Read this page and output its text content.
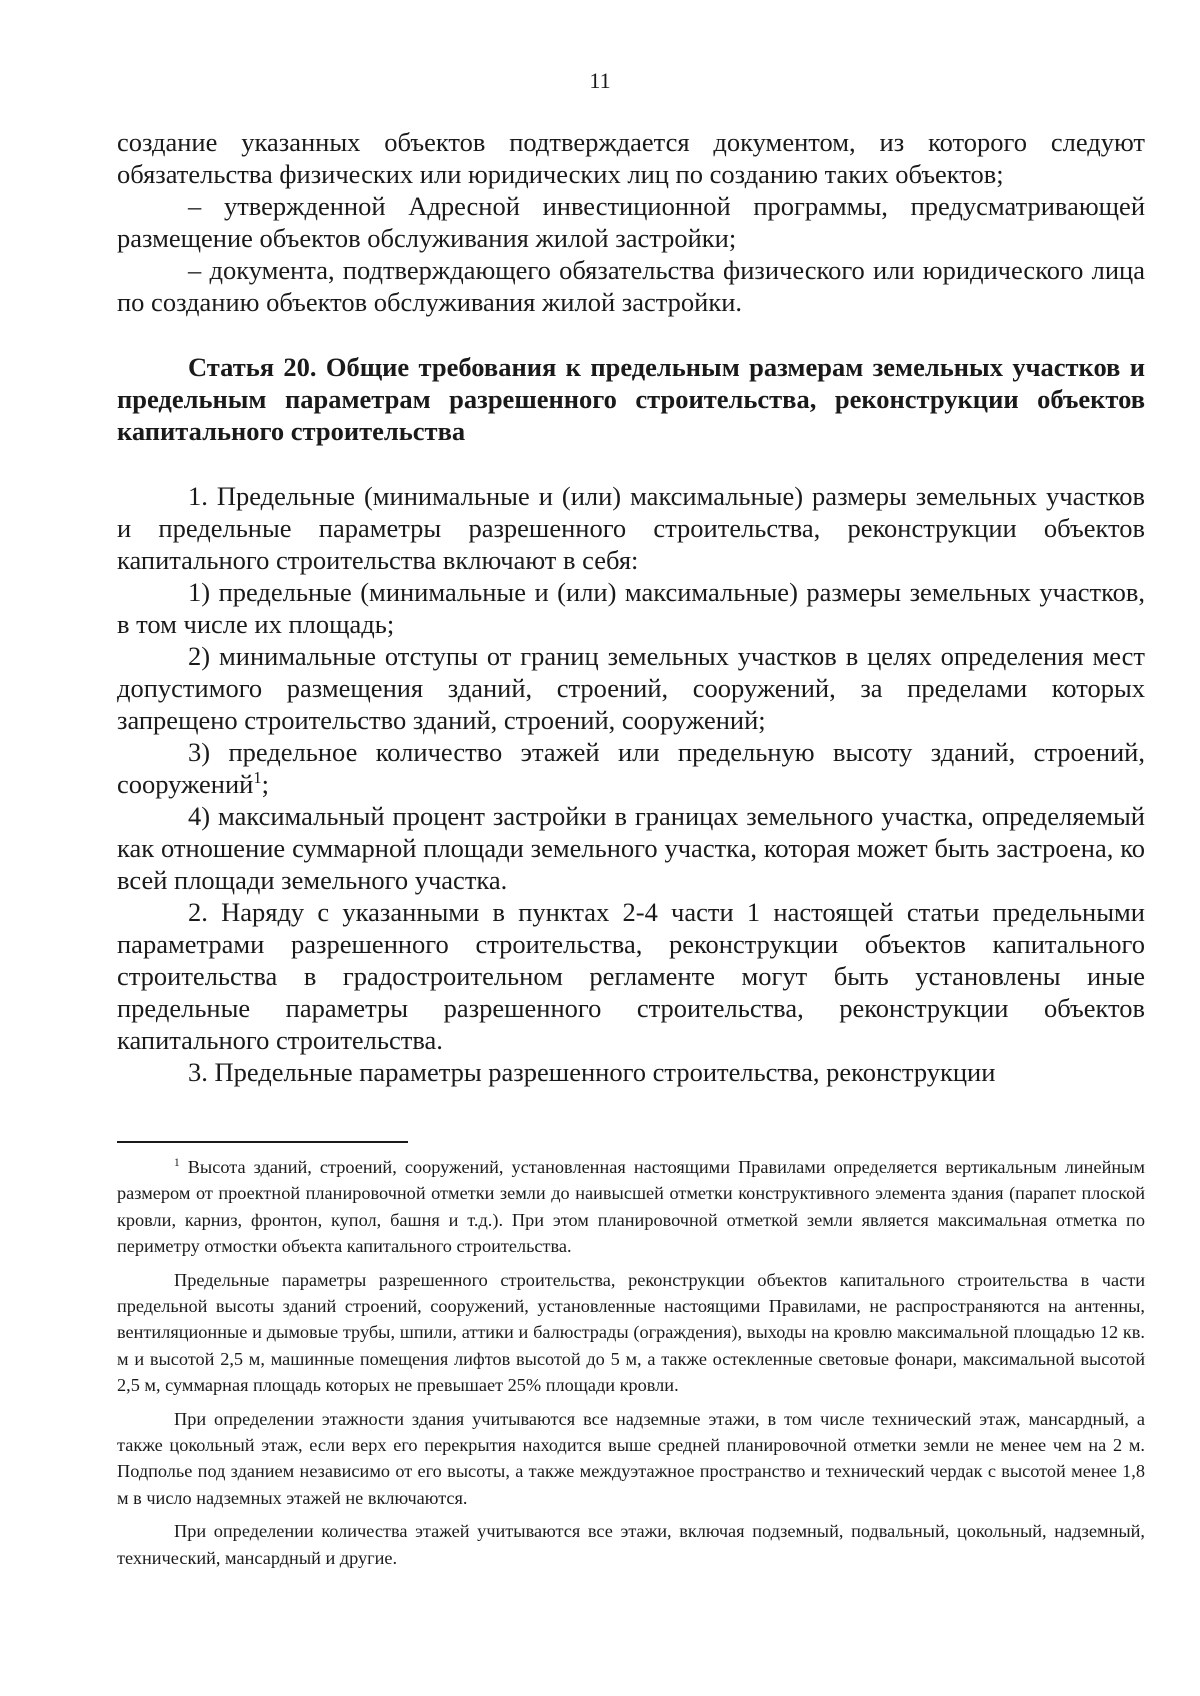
11

создание указанных объектов подтверждается документом, из которого следуют обязательства физических или юридических лиц по созданию таких объектов;

– утвержденной Адресной инвестиционной программы, предусматривающей размещение объектов обслуживания жилой застройки;

– документа, подтверждающего обязательства физического или юридического лица по созданию объектов обслуживания жилой застройки.

Статья 20. Общие требования к предельным размерам земельных участков и предельным параметрам разрешенного строительства, реконструкции объектов капитального строительства

1. Предельные (минимальные и (или) максимальные) размеры земельных участков и предельные параметры разрешенного строительства, реконструкции объектов капитального строительства включают в себя:

1) предельные (минимальные и (или) максимальные) размеры земельных участков, в том числе их площадь;

2) минимальные отступы от границ земельных участков в целях определения мест допустимого размещения зданий, строений, сооружений, за пределами которых запрещено строительство зданий, строений, сооружений;

3) предельное количество этажей или предельную высоту зданий, строений, сооружений$^1$;

4) максимальный процент застройки в границах земельного участка, определяемый как отношение суммарной площади земельного участка, которая может быть застроена, ко всей площади земельного участка.

2. Наряду с указанными в пунктах 2-4 части 1 настоящей статьи предельными параметрами разрешенного строительства, реконструкции объектов капитального строительства в градостроительном регламенте могут быть установлены иные предельные параметры разрешенного строительства, реконструкции объектов капитального строительства.

3. Предельные параметры разрешенного строительства, реконструкции

$^1$ Высота зданий, строений, сооружений, установленная настоящими Правилами определяется вертикальным линейным размером от проектной планировочной отметки земли до наивысшей отметки конструктивного элемента здания (парапет плоской кровли, карниз, фронтон, купол, башня и т.д.). При этом планировочной отметкой земли является максимальная отметка по периметру отмостки объекта капитального строительства.

Предельные параметры разрешенного строительства, реконструкции объектов капитального строительства в части предельной высоты зданий строений, сооружений, установленные настоящими Правилами, не распространяются на антенны, вентиляционные и дымовые трубы, шпили, аттики и балюстрады (ограждения), выходы на кровлю максимальной площадью 12 кв. м и высотой 2,5 м, машинные помещения лифтов высотой до 5 м, а также остекленные световые фонари, максимальной высотой 2,5 м, суммарная площадь которых не превышает 25% площади кровли.

При определении этажности здания учитываются все надземные этажи, в том числе технический этаж, мансардный, а также цокольный этаж, если верх его перекрытия находится выше средней планировочной отметки земли не менее чем на 2 м. Подполье под зданием независимо от его высоты, а также междуэтажное пространство и технический чердак с высотой менее 1,8 м в число надземных этажей не включаются.

При определении количества этажей учитываются все этажи, включая подземный, подвальный, цокольный, надземный, технический, мансардный и другие.
